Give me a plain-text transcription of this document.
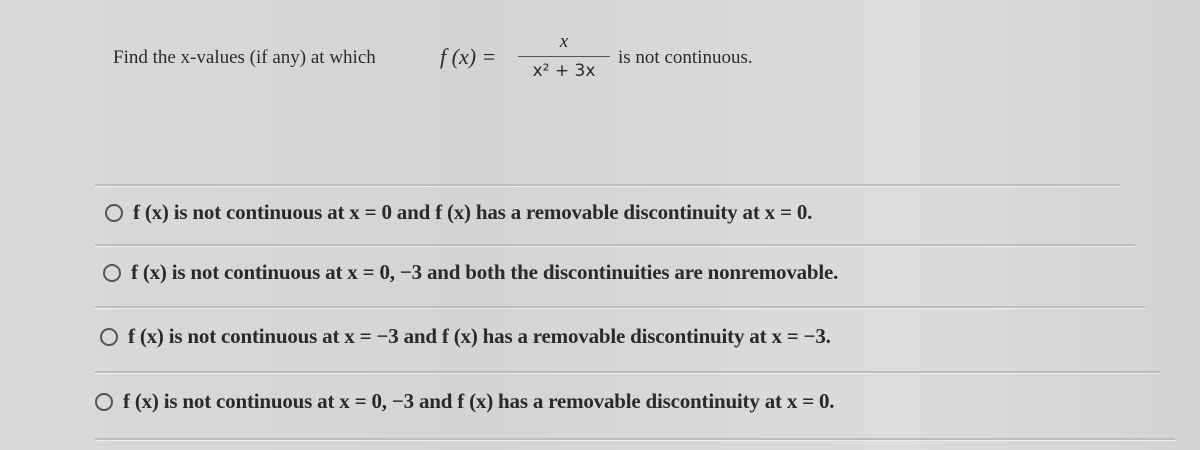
Find the x-values (if any) at which	f (x) =
x
x² + 3x
is not continuous.
f (x) is not continuous at x = 0 and f (x) has a removable discontinuity at x = 0.
f (x) is not continuous at x = 0, −3 and both the discontinuities are nonremovable.
f (x) is not continuous at x = −3 and f (x) has a removable discontinuity at x = −3.
f (x) is not continuous at x = 0, −3 and f (x) has a removable discontinuity at x = 0.
